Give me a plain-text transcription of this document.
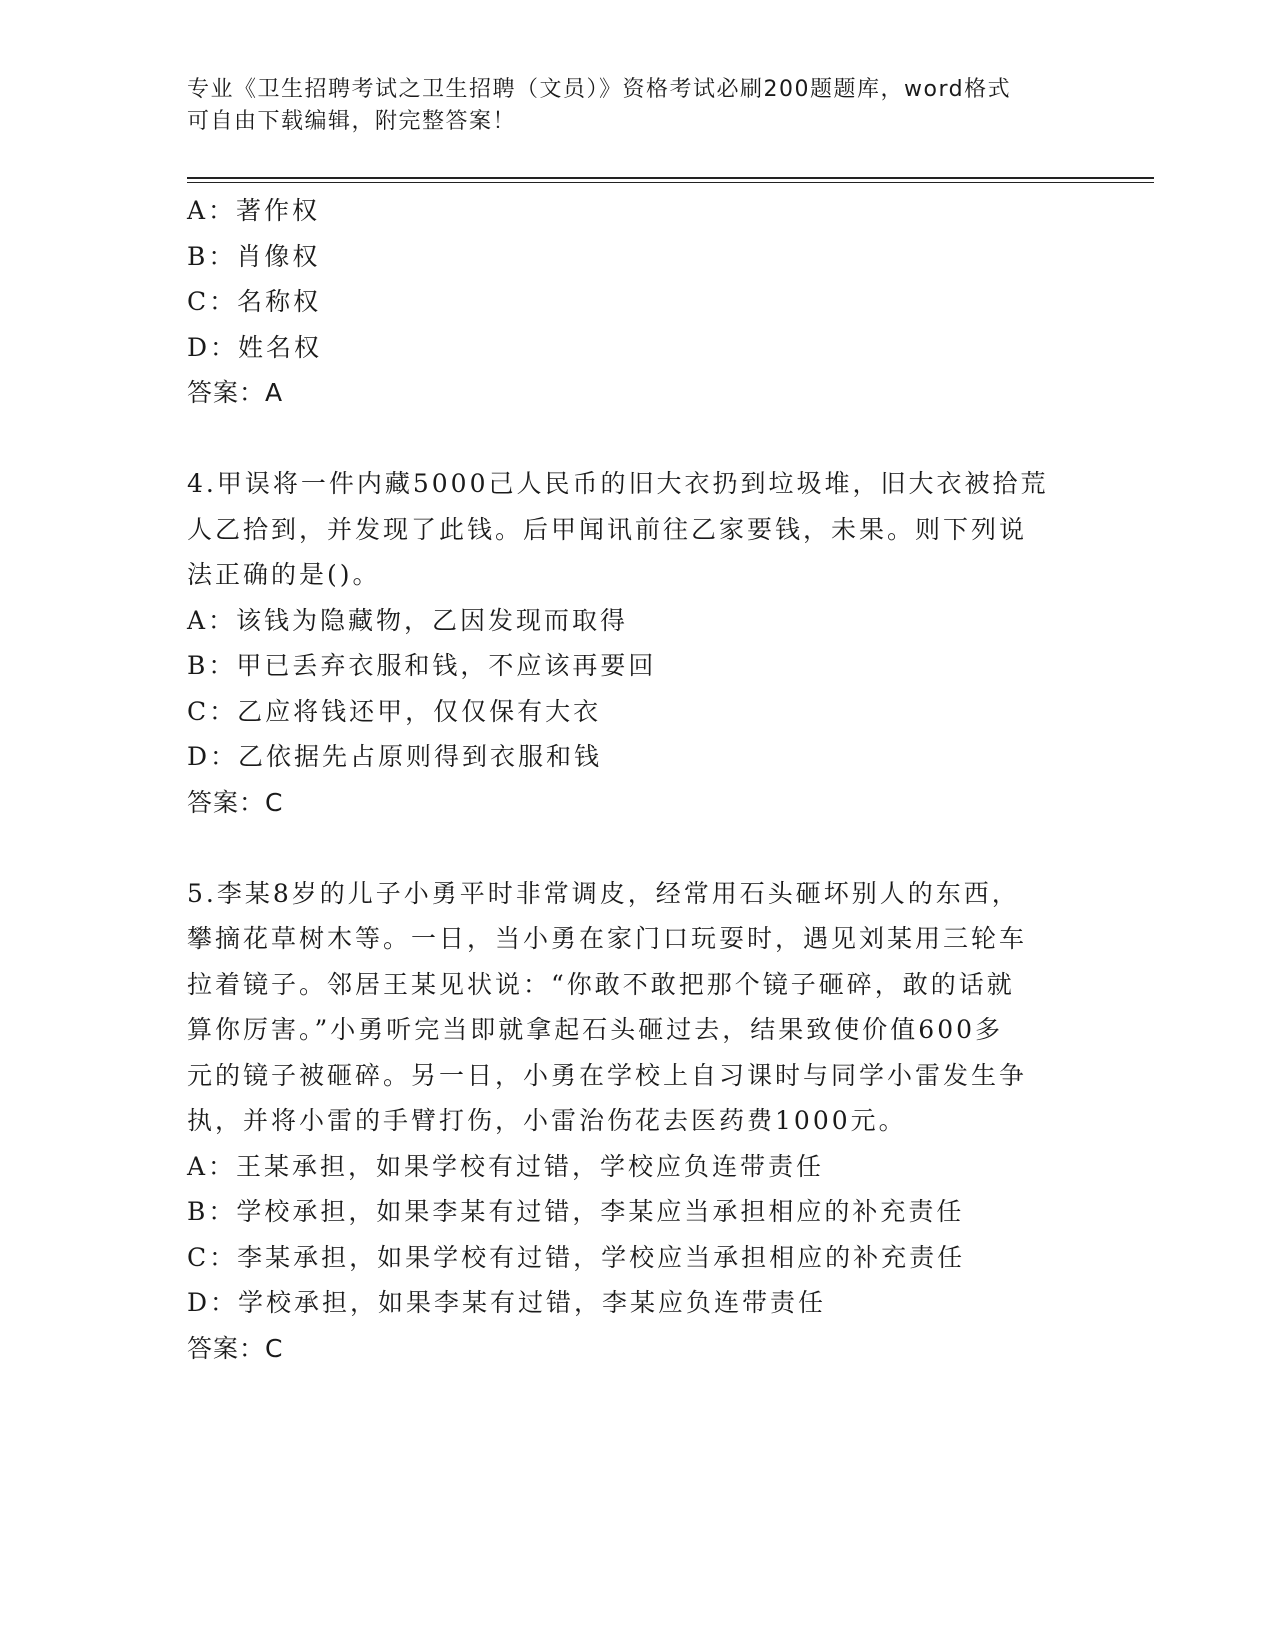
专业《卫生招聘考试之卫生招聘（文员）》资格考试必刷200题题库，word格式
可自由下载编辑，附完整答案！
A：著作权
B：肖像权
C：名称权
D：姓名权
答案：A
4.甲误将一件内藏5000己人民币的旧大衣扔到垃圾堆，旧大衣被拾荒
人乙拾到，并发现了此钱。后甲闻讯前往乙家要钱，未果。则下列说
法正确的是()。
A：该钱为隐藏物，乙因发现而取得
B：甲已丢弃衣服和钱，不应该再要回
C：乙应将钱还甲，仅仅保有大衣
D：乙依据先占原则得到衣服和钱
答案：C
5.李某8岁的儿子小勇平时非常调皮，经常用石头砸坏别人的东西，
攀摘花草树木等。一日，当小勇在家门口玩耍时，遇见刘某用三轮车
拉着镜子。邻居王某见状说：“你敢不敢把那个镜子砸碎，敢的话就
算你厉害。”小勇听完当即就拿起石头砸过去，结果致使价值600多
元的镜子被砸碎。另一日，小勇在学校上自习课时与同学小雷发生争
执，并将小雷的手臂打伤，小雷治伤花去医药费1000元。
A：王某承担，如果学校有过错，学校应负连带责任
B：学校承担，如果李某有过错，李某应当承担相应的补充责任
C：李某承担，如果学校有过错，学校应当承担相应的补充责任
D：学校承担，如果李某有过错，李某应负连带责任
答案：C
